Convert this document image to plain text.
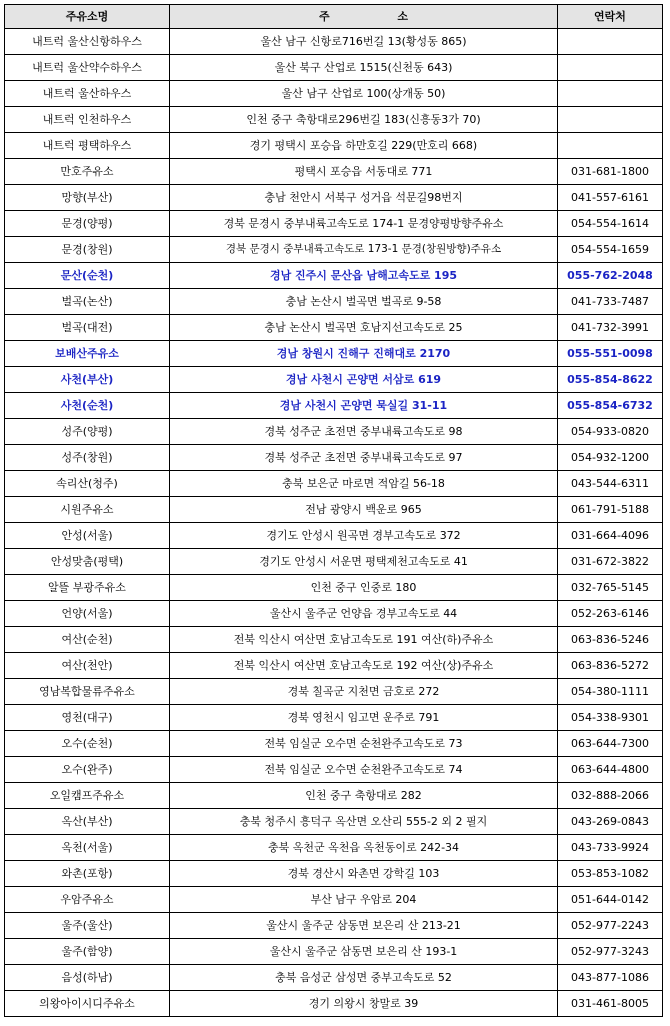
주유소명	주 소	연락처
내트럭 울산신항하우스	울산 남구 신항로716번길 13(황성동 865)	
내트럭 울산약수하우스	울산 북구 산업로 1515(신천동 643)	
내트럭 울산하우스	울산 남구 산업로 100(상개동 50)	
내트럭 인천하우스	인천 중구 축항대로296번길 183(신흥동3가 70)	
내트럭 평택하우스	경기 평택시 포승읍 하만호길 229(만호리 668)	
만호주유소	평택시 포승읍 서동대로 771	031-681-1800
망향(부산)	충남 천안시 서북구 성거읍 석문길98번지	041-557-6161
문경(양평)	경북 문경시 중부내륙고속도로 174-1 문경양평방향주유소	054-554-1614
문경(창원)	경북 문경시 중부내륙고속도로 173-1 문경(창원방향)주유소	054-554-1659
문산(순천)	경남 진주시 문산읍 남해고속도로 195	055-762-2048
벌곡(논산)	충남 논산시 벌곡면 벌곡로 9-58	041-733-7487
벌곡(대전)	충남 논산시 벌곡면 호남지선고속도로 25	041-732-3991
보배산주유소	경남 창원시 진해구 진해대로 2170	055-551-0098
사천(부산)	경남 사천시 곤양면 서삼로 619	055-854-8622
사천(순천)	경남 사천시 곤양면 묵실길 31-11	055-854-6732
성주(양평)	경북 성주군 초전면 중부내륙고속도로 98	054-933-0820
성주(창원)	경북 성주군 초전면 중부내륙고속도로 97	054-932-1200
속리산(청주)	충북 보은군 마로면 적암길 56-18	043-544-6311
시원주유소	전남 광양시 백운로 965	061-791-5188
안성(서울)	경기도 안성시 원곡면 경부고속도로 372	031-664-4096
안성맞춤(평택)	경기도 안성시 서운면 평택제천고속도로 41	031-672-3822
알뜰 부광주유소	인천 중구 인중로 180	032-765-5145
언양(서울)	울산시 울주군 언양읍 경부고속도로 44	052-263-6146
여산(순천)	전북 익산시 여산면 호남고속도로 191 여산(하)주유소	063-836-5246
여산(천안)	전북 익산시 여산면 호남고속도로 192 여산(상)주유소	063-836-5272
영남복합물류주유소	경북 칠곡군 지천면 금호로 272	054-380-1111
영천(대구)	경북 영천시 임고면 운주로 791	054-338-9301
오수(순천)	전북 임실군 오수면 순천완주고속도로 73	063-644-7300
오수(완주)	전북 임실군 오수면 순천완주고속도로 74	063-644-4800
오일캠프주유소	인천 중구 축항대로 282	032-888-2066
옥산(부산)	충북 청주시 흥덕구 옥산면 오산리 555-2 외 2 필지	043-269-0843
옥천(서울)	충북 옥천군 옥천읍 옥천동이로 242-34	043-733-9924
와촌(포항)	경북 경산시 와촌면 강학길 103	053-853-1082
우암주유소	부산 남구 우암로 204	051-644-0142
울주(울산)	울산시 울주군 삼동면 보은리 산 213-21	052-977-2243
울주(함양)	울산시 울주군 삼동면 보은리 산 193-1	052-977-3243
음성(하남)	충북 음성군 삼성면 중부고속도로 52	043-877-1086
의왕아이시디주유소	경기 의왕시 창말로 39	031-461-8005
